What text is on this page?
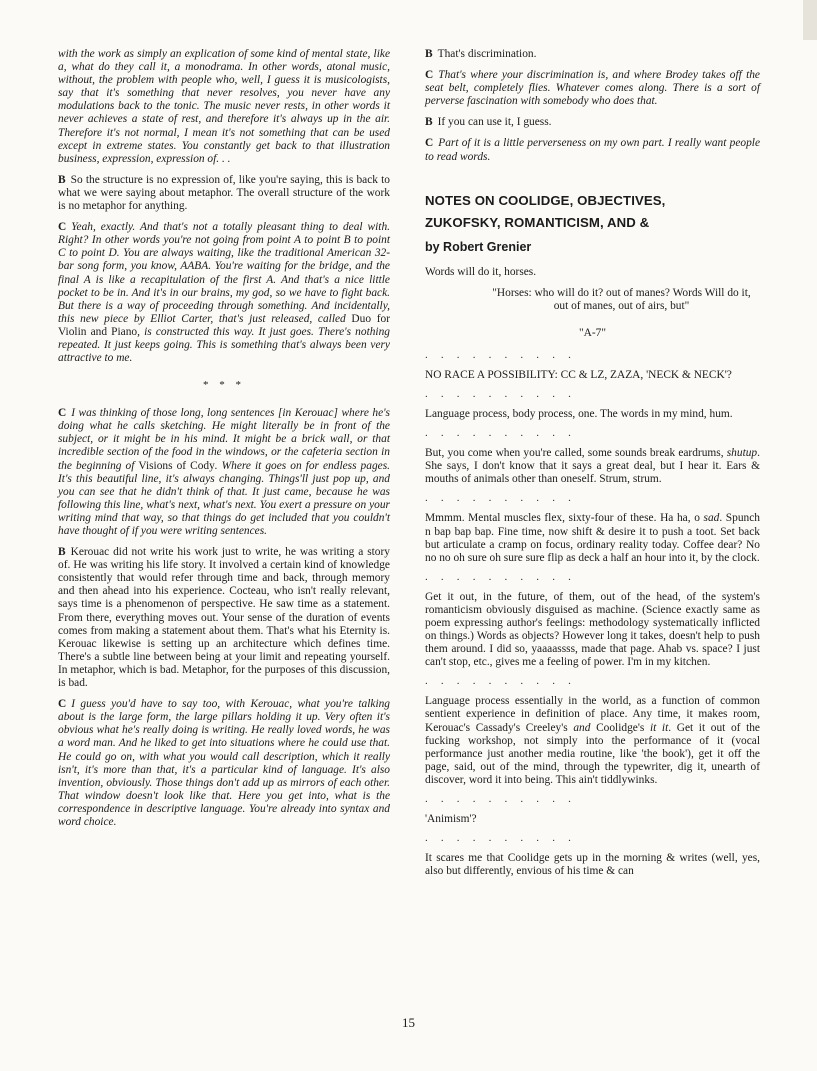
with the work as simply an explication of some kind of mental state, like a, what do they call it, a monodrama. In other words, atonal music, without, the problem with people who, well, I guess it is musicologists, say that it's something that never resolves, you never have any modulations back to the tonic. The music never rests, in other words it never achieves a state of rest, and therefore it's always up in the air. Therefore it's not normal, I mean it's not something that can be used except in extreme states. You constantly get back to that illustration business, expression, expression of. . .

B So the structure is no expression of, like you're saying, this is back to what we were saying about metaphor. The overall structure of the work is no metaphor for anything.

C Yeah, exactly. And that's not a totally pleasant thing to deal with. Right? In other words you're not going from point A to point B to point C to point D. You are always waiting, like the traditional American 32-bar song form, you know, AABA. You're waiting for the bridge, and the final A is like a recapitulation of the first A. And that's a nice little pocket to be in. And it's in our brains, my god, so we have to fight back. But there is a way of proceeding through something. And incidentally, this new piece by Elliot Carter, that's just released, called Duo for Violin and Piano, is constructed this way. It just goes. There's nothing repeated. It just keeps going. This is something that's always been very attractive to me.

* * *

C I was thinking of those long, long sentences [in Kerouac] where he's doing what he calls sketching. He might literally be in front of the subject, or it might be in his mind. It might be a brick wall, or that incredible section of the food in the windows, or the cafeteria section in the beginning of Visions of Cody. Where it goes on for endless pages. It's this beautiful line, it's always changing. Things'll just pop up, and you can see that he didn't think of that. It just came, because he was following this line, what's next, what's next. You exert a pressure on your writing mind that way, so that things do get included that you couldn't have thought of if you were writing sentences.

B Kerouac did not write his work just to write, he was writing a story of. He was writing his life story. It involved a certain kind of knowledge consistently that would refer through time and back, through memory and then ahead into his experience. Cocteau, who isn't really relevant, says time is a phenomenon of perspective. He saw time as a statement. From there, everything moves out. Your sense of the duration of events comes from making a statement about them. That's what his Eternity is. Kerouac likewise is setting up an architecture which defines time. There's a subtle line between being at your limit and repeating yourself. In metaphor, which is bad. Metaphor, for the purposes of this discussion, is bad.

C I guess you'd have to say too, with Kerouac, what you're talking about is the large form, the large pillars holding it up. Very often it's obvious what he's really doing is writing. He really loved words, he was a word man. And he liked to get into situations where he could use that. He could go on, with what you would call description, which it really isn't, it's more than that, it's a particular kind of language. It's also invention, obviously. Those things don't add up as mirrors of each other. That window doesn't look like that. Here you get into, what is the correspondence in descriptive language. You're already into syntax and word choice.

B That's discrimination.

C That's where your discrimination is, and where Brodey takes off the seat belt, completely flies. Whatever comes along. There is a sort of perverse fascination with somebody who does that.

B If you can use it, I guess.

C Part of it is a little perverseness on my own part. I really want people to read words.

NOTES ON COOLIDGE, OBJECTIVES,
ZUKOFSKY, ROMANTICISM, AND &
by Robert Grenier

Words will do it, horses.

"Horses: who will do it? out of manes? Words Will do it, out of manes, out of airs, but"

"A-7"
. . . . . . . . . .

NO RACE A POSSIBILITY: CC & LZ, ZAZA, 'NECK & NECK'?

. . . . . . . . . .

Language process, body process, one. The words in my mind, hum.

. . . . . . . . . .

But, you come when you're called, some sounds break eardrums, shutup. She says, I don't know that it says a great deal, but I hear it. Ears & mouths of animals other than oneself. Strum, strum.

. . . . . . . . . .

Mmmm. Mental muscles flex, sixty-four of these. Ha ha, o sad. Spunch n bap bap bap. Fine time, now shift & desire it to push a toot. Set back but articulate a cramp on focus, ordinary reality today. Coffee dear? No no no oh sure oh sure sure flip as deck a half an hour into it, by the clock.

. . . . . . . . . .

Get it out, in the future, of them, out of the head, of the system's romanticism obviously disguised as machine. (Science exactly same as poem expressing author's feelings: methodology systematically inflicted on things.) Words as objects? However long it takes, doesn't help to push them around. I did so, yaaaassss, made that page. Ahab vs. space? I just can't stop, etc., gives me a feeling of power. I'm in my kitchen.

. . . . . . . . . .

Language process essentially in the world, as a function of common sentient experience in definition of place. Any time, it makes room, Kerouac's Cassady's Creeley's and Coolidge's it it. Get it out of the fucking workshop, not simply into the performance of it (vocal performance just another media routine, like 'the book'), get it off the page, said, out of the mind, through the typewriter, dig it, unearth of discover, word it into being. This ain't tiddlywinks.

. . . . . . . . . .

'Animism'?

. . . . . . . . . .

It scares me that Coolidge gets up in the morning & writes (well, yes, also but differently, envious of his time & can

15
